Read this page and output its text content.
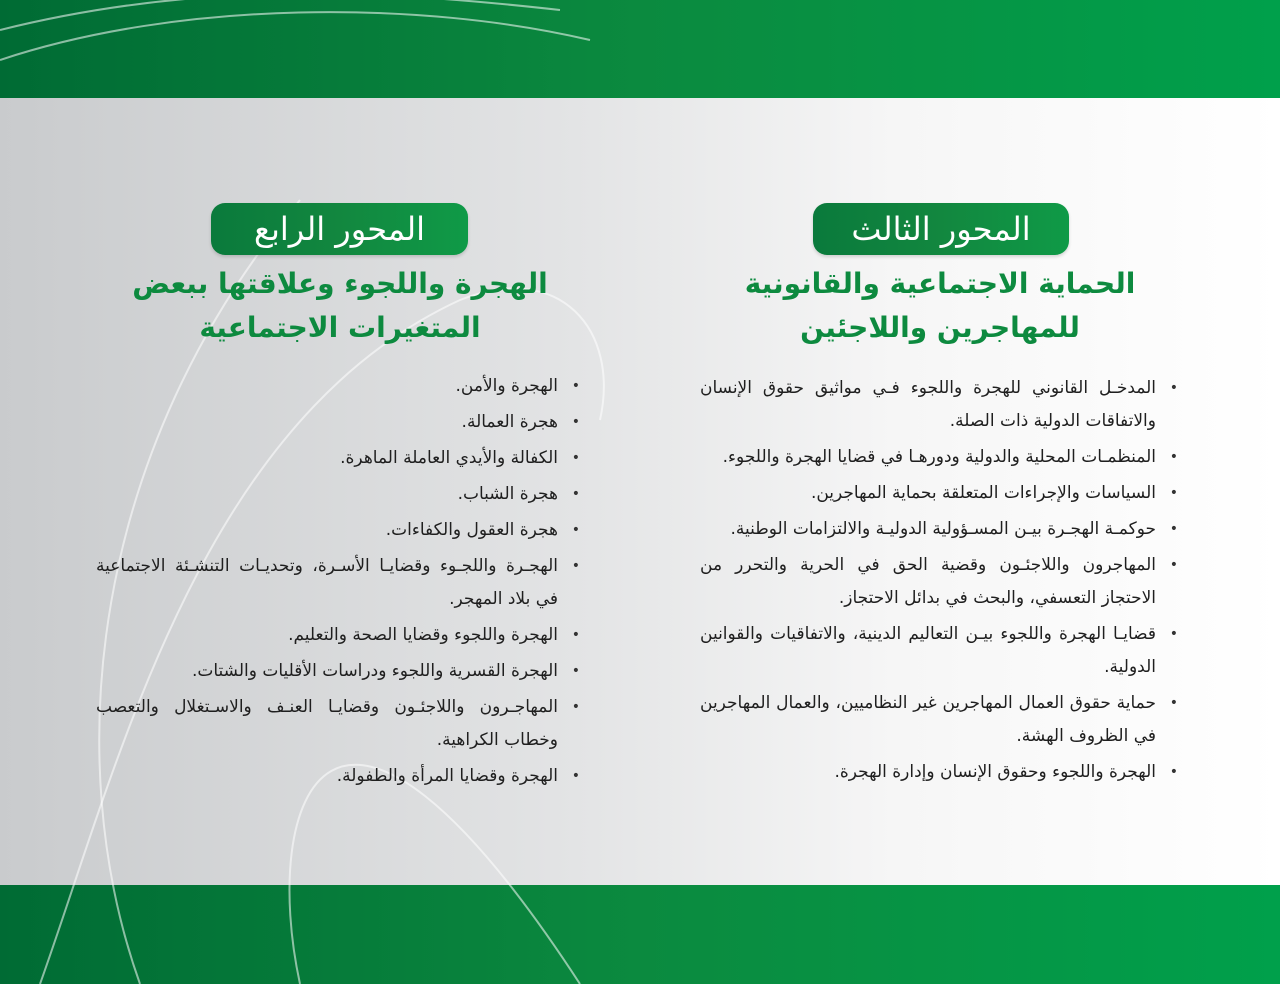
المحور الثالث
الحماية الاجتماعية والقانونية
للمهاجرين واللاجئين
•
المدخـل القانوني للهجرة واللجوء فـي مواثيق حقوق الإنسان والاتفاقات الدولية ذات الصلة.
•
المنظمـات المحلية والدولية ودورهـا في قضايا الهجرة واللجوء.
•
السياسات والإجراءات المتعلقة بحماية المهاجرين.
•
حوكمـة الهجـرة بيـن المسـؤولية الدوليـة والالتزامات الوطنية.
•
المهاجرون واللاجئـون وقضية الحق في الحرية والتحرر من الاحتجاز التعسفي، والبحث في بدائل الاحتجاز.
•
قضايـا الهجرة واللجوء بيـن التعاليم الدينية، والاتفاقيات والقوانين الدولية.
•
حماية حقوق العمال المهاجرين غير النظاميين، والعمال المهاجرين في الظروف الهشة.
•
الهجرة واللجوء وحقوق الإنسان وإدارة الهجرة.
المحور الرابع
الهجرة واللجوء وعلاقتها ببعض
المتغيرات الاجتماعية
•
الهجرة والأمن.
•
هجرة العمالة.
•
الكفالة والأيدي العاملة الماهرة.
•
هجرة الشباب.
•
هجرة العقول والكفاءات.
•
الهجـرة واللجـوء وقضايـا الأسـرة، وتحديـات التنشـئة الاجتماعية في بلاد المهجر.
•
الهجرة واللجوء وقضايا الصحة والتعليم.
•
الهجرة القسرية واللجوء ودراسات الأقليات والشتات.
•
المهاجـرون واللاجئـون وقضايـا العنـف والاسـتغلال والتعصب وخطاب الكراهية.
•
الهجرة وقضايا المرأة والطفولة.
